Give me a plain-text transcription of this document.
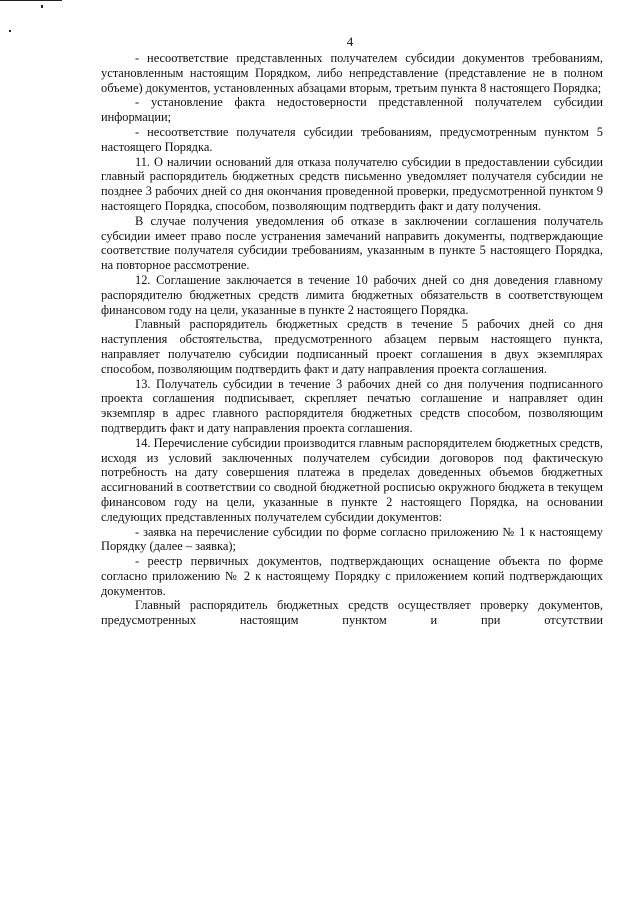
4

- несоответствие представленных получателем субсидии документов требованиям, установленным настоящим Порядком, либо непредставление (представление не в полном объеме) документов, установленных абзацами вторым, третьим пункта 8 настоящего Порядка;

- установление факта недостоверности представленной получателем субсидии информации;

- несоответствие получателя субсидии требованиям, предусмотренным пунктом 5 настоящего Порядка.

11. О наличии оснований для отказа получателю субсидии в предоставлении субсидии главный распорядитель бюджетных средств письменно уведомляет получателя субсидии не позднее 3 рабочих дней со дня окончания проведенной проверки, предусмотренной пунктом 9 настоящего Порядка, способом, позволяющим подтвердить факт и дату получения.

В случае получения уведомления об отказе в заключении соглашения получатель субсидии имеет право после устранения замечаний направить документы, подтверждающие соответствие получателя субсидии требованиям, указанным в пункте 5 настоящего Порядка, на повторное рассмотрение.

12. Соглашение заключается в течение 10 рабочих дней со дня доведения главному распорядителю бюджетных средств лимита бюджетных обязательств в соответствующем финансовом году на цели, указанные в пункте 2 настоящего Порядка.

Главный распорядитель бюджетных средств в течение 5 рабочих дней со дня наступления обстоятельства, предусмотренного абзацем первым настоящего пункта, направляет получателю субсидии подписанный проект соглашения в двух экземплярах способом, позволяющим подтвердить факт и дату направления проекта соглашения.

13. Получатель субсидии в течение 3 рабочих дней со дня получения подписанного проекта соглашения подписывает, скрепляет печатью соглашение и направляет один экземпляр в адрес главного распорядителя бюджетных средств способом, позволяющим подтвердить факт и дату направления проекта соглашения.

14. Перечисление субсидии производится главным распорядителем бюджетных средств, исходя из условий заключенных получателем субсидии договоров под фактическую потребность на дату совершения платежа в пределах доведенных объемов бюджетных ассигнований в соответствии со сводной бюджетной росписью окружного бюджета в текущем финансовом году на цели, указанные в пункте 2 настоящего Порядка, на основании следующих представленных получателем субсидии документов:

- заявка на перечисление субсидии по форме согласно приложению № 1 к настоящему Порядку (далее – заявка);

- реестр первичных документов, подтверждающих оснащение объекта по форме согласно приложению № 2 к настоящему Порядку с приложением копий подтверждающих документов.

Главный распорядитель бюджетных средств осуществляет проверку документов, предусмотренных настоящим пунктом и при отсутствии
